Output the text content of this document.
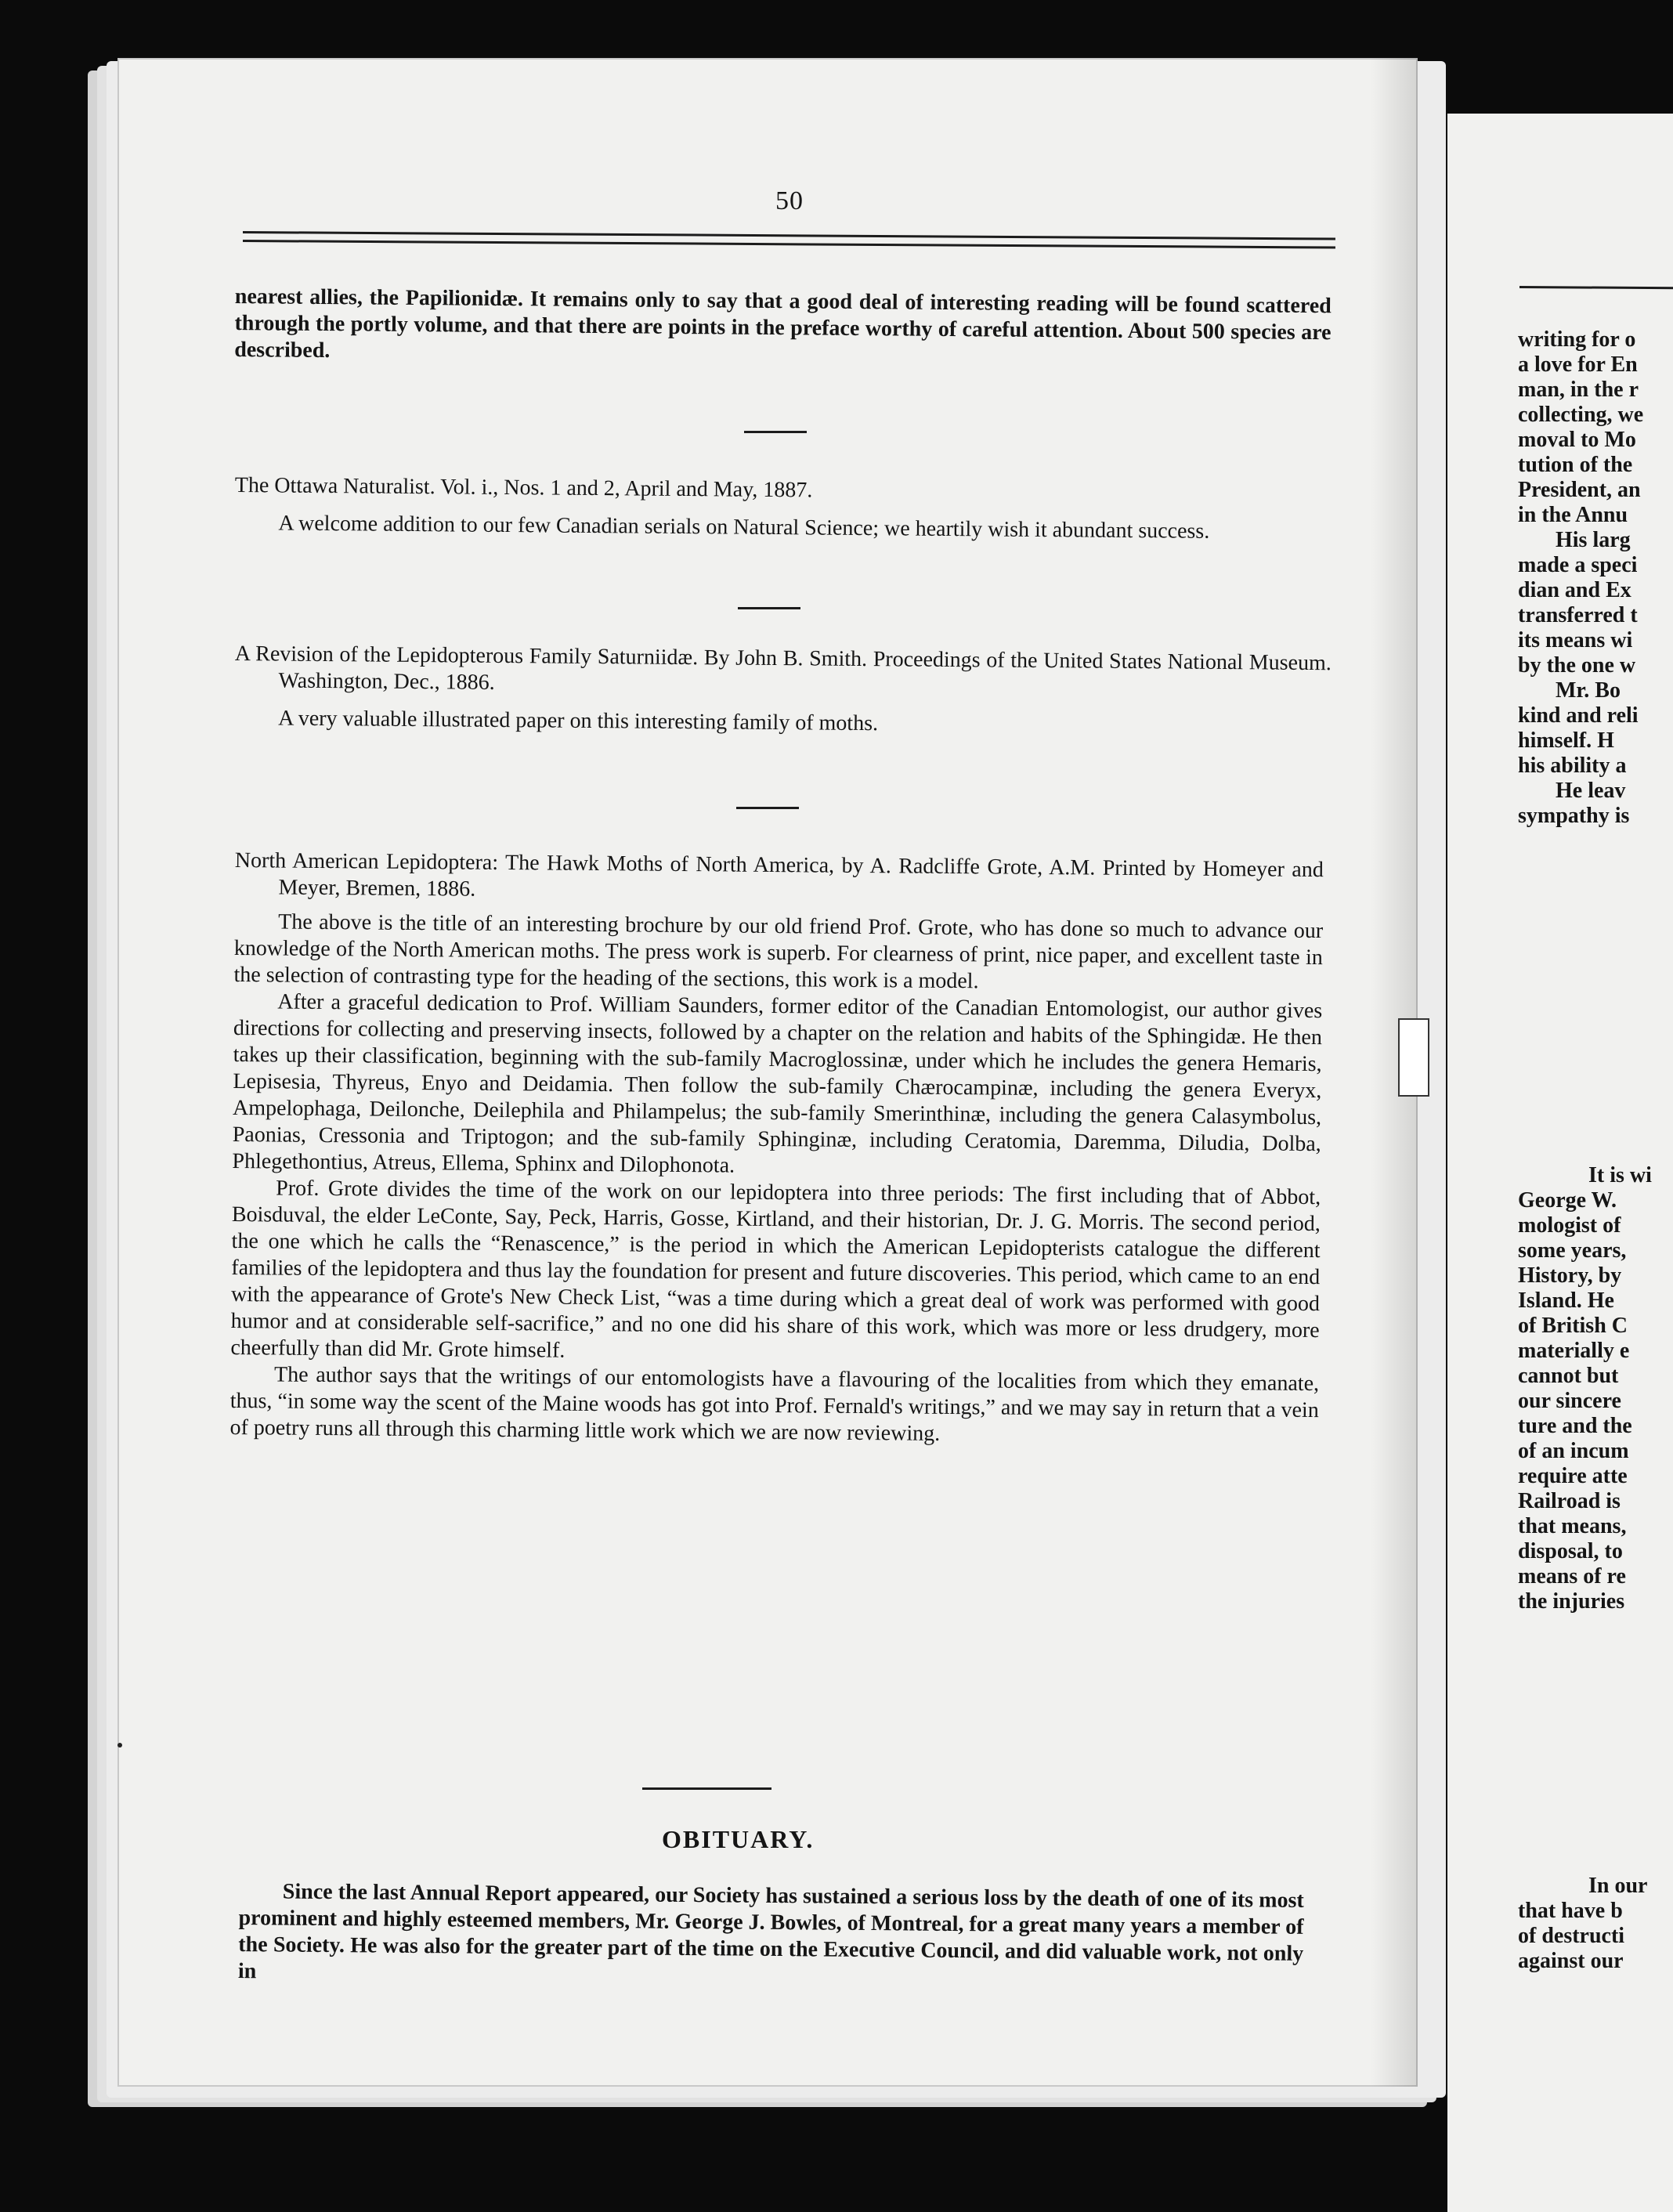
50

nearest allies, the Papilionidæ. It remains only to say that a good deal of interesting reading will be found scattered through the portly volume, and that there are points in the preface worthy of careful attention. About 500 species are described.

The Ottawa Naturalist. Vol. i., Nos. 1 and 2, April and May, 1887.

A welcome addition to our few Canadian serials on Natural Science; we heartily wish it abundant success.

A Revision of the Lepidopterous Family Saturniidæ. By John B. Smith. Proceedings of the United States National Museum. Washington, Dec., 1886.

A very valuable illustrated paper on this interesting family of moths.

North American Lepidoptera: The Hawk Moths of North America, by A. Radcliffe Grote, A.M. Printed by Homeyer and Meyer, Bremen, 1886.

The above is the title of an interesting brochure by our old friend Prof. Grote, who has done so much to advance our knowledge of the North American moths. The press work is superb. For clearness of print, nice paper, and excellent taste in the selection of contrasting type for the heading of the sections, this work is a model.

After a graceful dedication to Prof. William Saunders, former editor of the Canadian Entomologist, our author gives directions for collecting and preserving insects, followed by a chapter on the relation and habits of the Sphingidæ. He then takes up their classification, beginning with the sub-family Macroglossinæ, under which he includes the genera Hemaris, Lepisesia, Thyreus, Enyo and Deidamia. Then follow the sub-family Chærocampinæ, including the genera Everyx, Ampelophaga, Deilonche, Deilephila and Philampelus; the sub-family Smerinthinæ, including the genera Calasymbolus, Paonias, Cressonia and Triptogon; and the sub-family Sphinginæ, including Ceratomia, Daremma, Diludia, Dolba, Phlegethontius, Atreus, Ellema, Sphinx and Dilophonota.

Prof. Grote divides the time of the work on our lepidoptera into three periods: The first including that of Abbot, Boisduval, the elder LeConte, Say, Peck, Harris, Gosse, Kirtland, and their historian, Dr. J. G. Morris. The second period, the one which he calls the “Renascence,” is the period in which the American Lepidopterists catalogue the different families of the lepidoptera and thus lay the foundation for present and future discoveries. This period, which came to an end with the appearance of Grote's New Check List, “was a time during which a great deal of work was performed with good humor and at considerable self-sacrifice,” and no one did his share of this work, which was more or less drudgery, more cheerfully than did Mr. Grote himself.

The author says that the writings of our entomologists have a flavouring of the localities from which they emanate, thus, “in some way the scent of the Maine woods has got into Prof. Fernald's writings,” and we may say in return that a vein of poetry runs all through this charming little work which we are now reviewing.

OBITUARY.

Since the last Annual Report appeared, our Society has sustained a serious loss by the death of one of its most prominent and highly esteemed members, Mr. George J. Bowles, of Montreal, for a great many years a member of the Society. He was also for the greater part of the time on the Executive Council, and did valuable work, not only in

writing for o
a love for En
man, in the r
collecting, we
moval to Mo
tution of the
President, an
in the Annu
His larg
made a speci
dian and Ex
transferred t
its means wi
by the one w
Mr. Bo
kind and reli
himself. H
his ability a
He leav
sympathy is
It is wi
George W.
mologist of
some years,
History, by
Island. He
of British C
materially e
cannot but
our sincere
ture and the
of an incum
require atte
Railroad is
that means,
disposal, to
means of re
the injuries
In our
that have b
of destructi
against our
